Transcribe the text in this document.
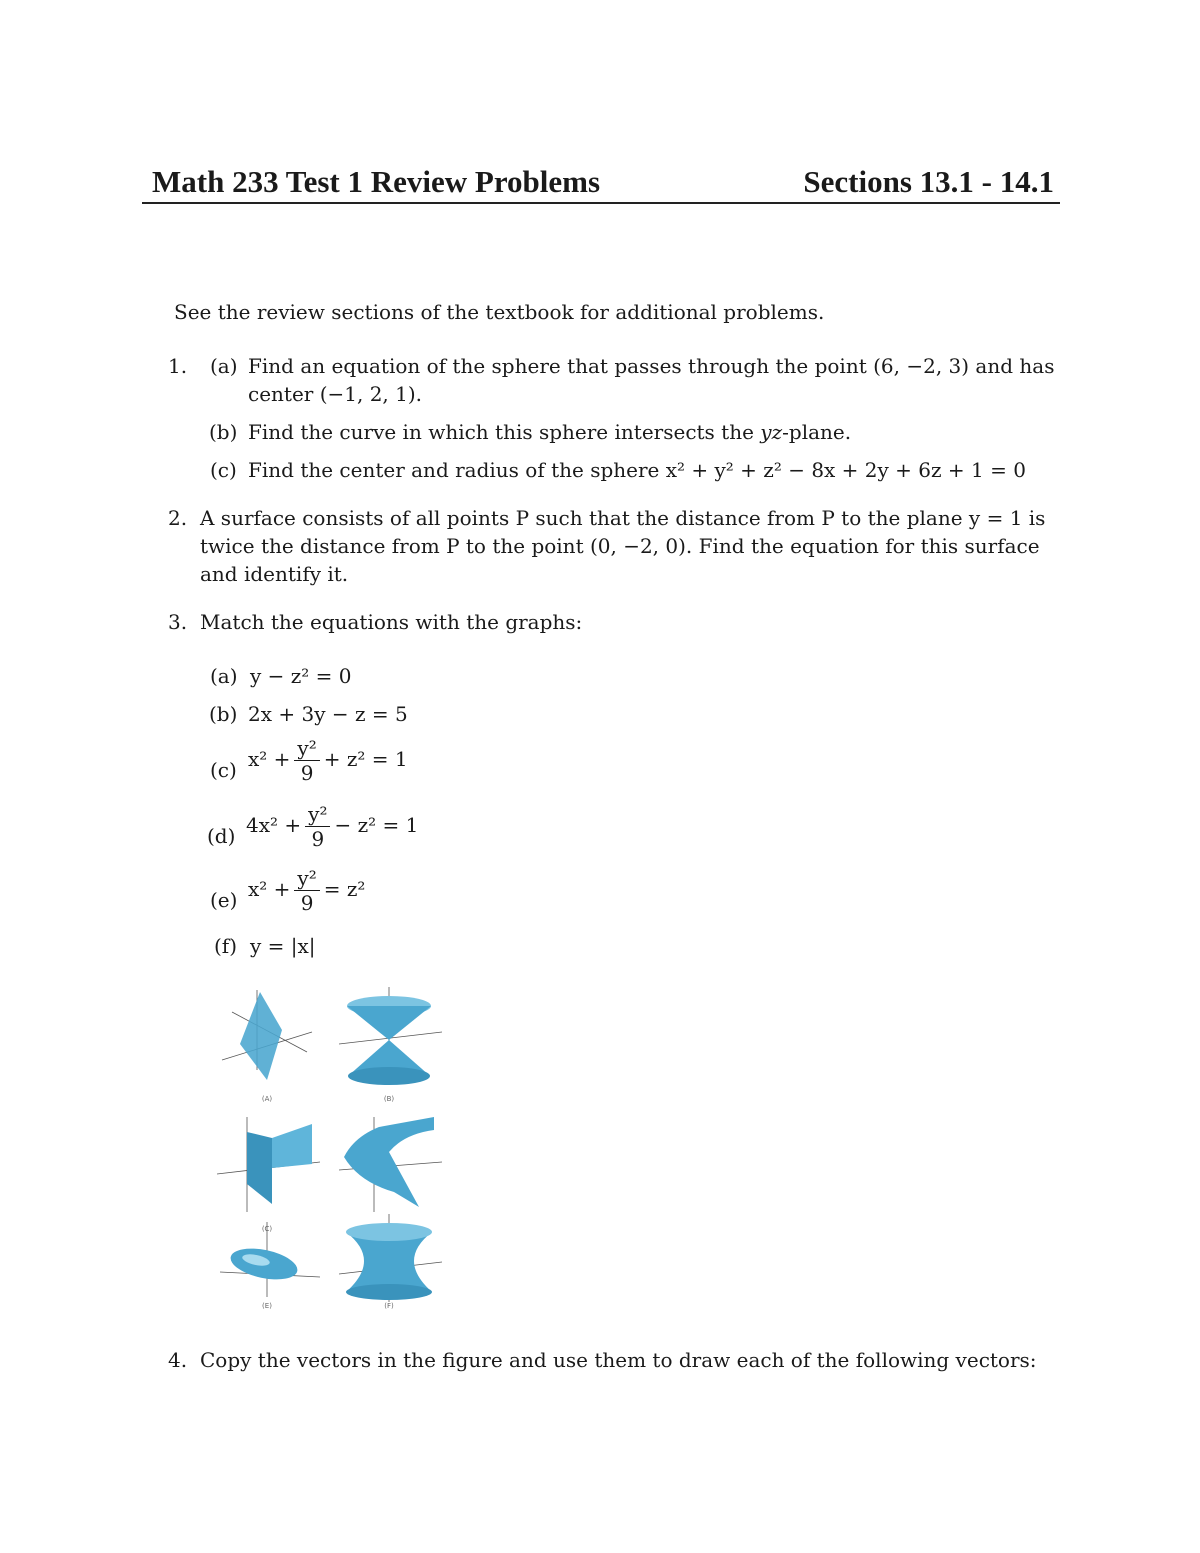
Math 233 Test 1 Review Problems	Sections 13.1 - 14.1
See the review sections of the textbook for additional problems.
1. (a) Find an equation of the sphere that passes through the point (6, −2, 3) and has
center (−1, 2, 1).
(b) Find the curve in which this sphere intersects the yz-plane.
(c) Find the center and radius of the sphere x² + y² + z² − 8x + 2y + 6z + 1 = 0
2. A surface consists of all points P such that the distance from P to the plane y = 1 is
twice the distance from P to the point (0, −2, 0). Find the equation for this surface
and identify it.
3. Match the equations with the graphs:
(a) y − z² = 0
(b) 2x + 3y − z = 5
(c) $x^2 + \frac{\text{y²}}{9} + z^2 = 1$
(d) $4x^2 + \frac{\text{y²}}{9} - z^2 = 1$
(e) $x^2 + \frac{\text{y²}}{9} = z^2$
(f) y = |x|
(A)	(B)
(C)
(E)	(F)
4. Copy the vectors in the figure and use them to draw each of the following vectors:
